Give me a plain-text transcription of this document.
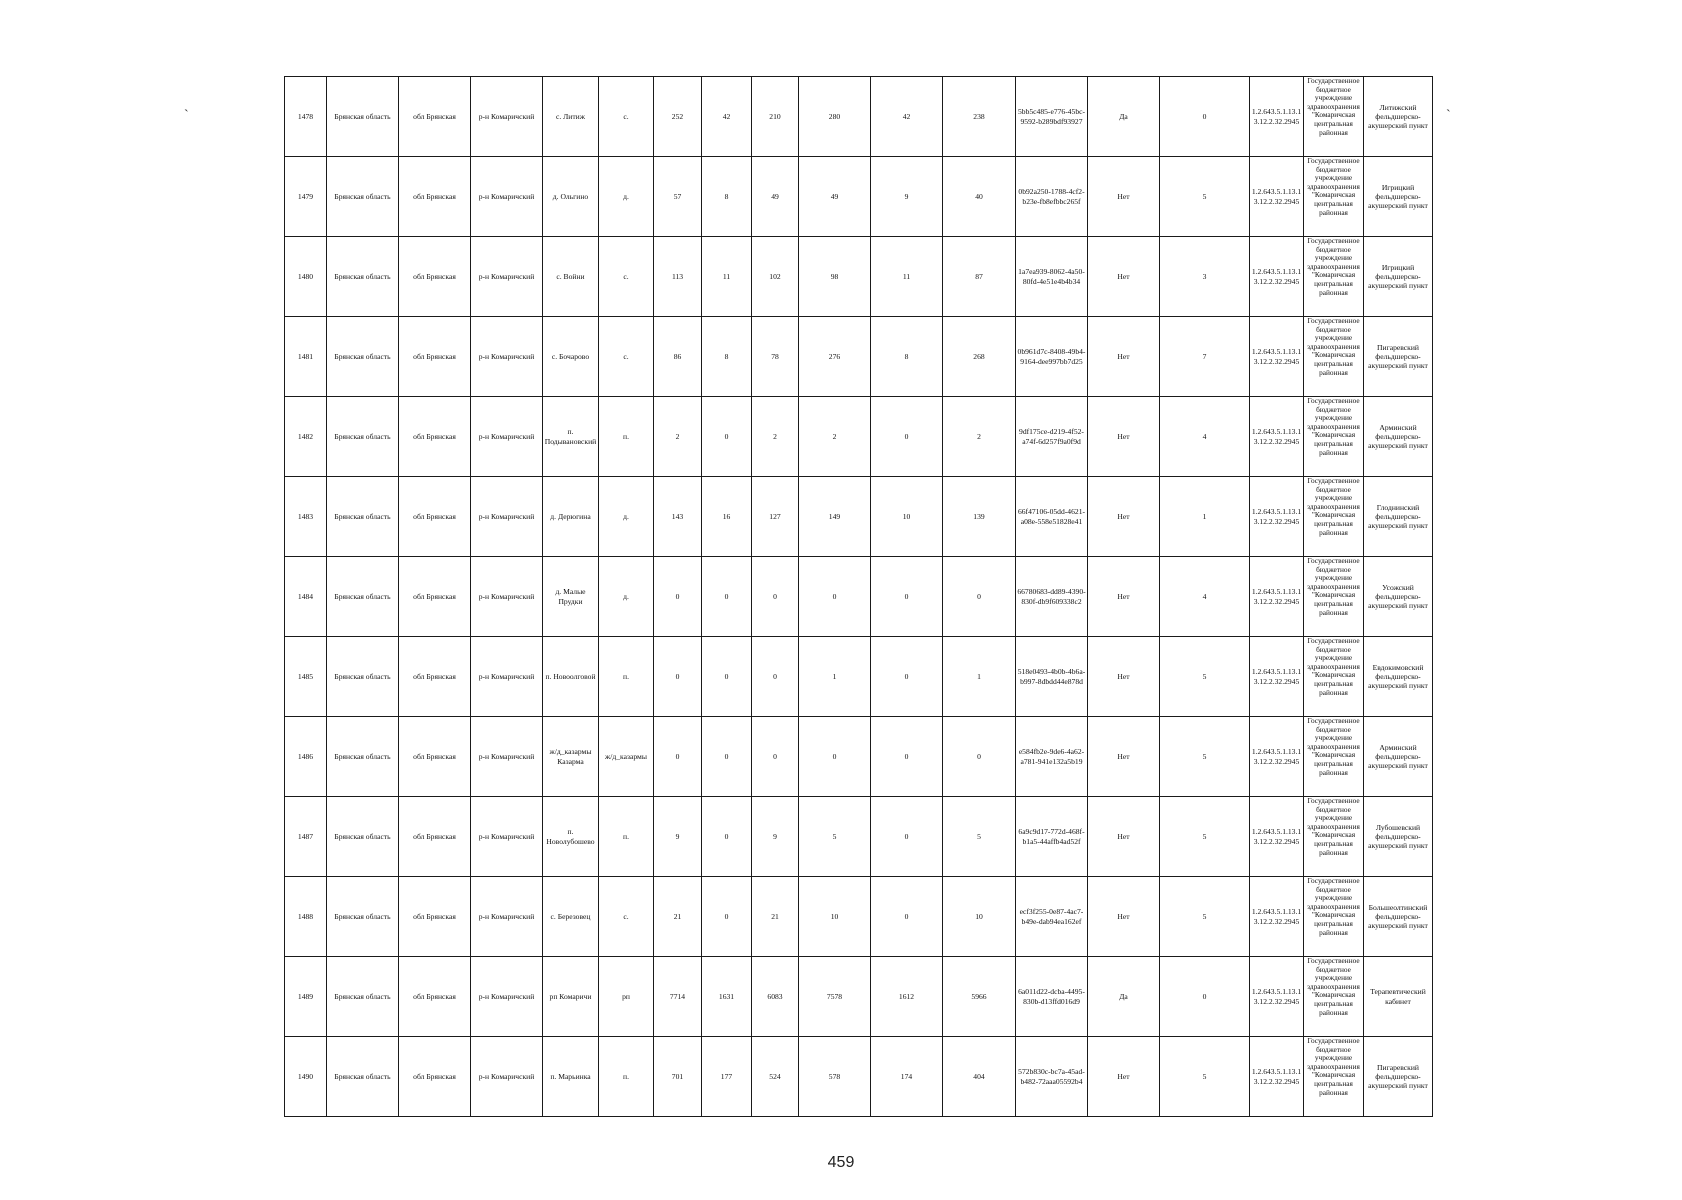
`	`
1478	Брянская область	обл Брянская	р-н Комаричский	с. Литиж	с.	252	42	210	280	42	238	5bb5c485-e776-45bc-9592-b289bdf93927	Да	0	1.2.643.5.1.13.13.12.2.32.2945	Государственное бюджетное учреждение здравоохранения "Комаричская центральная районная	Литижский фельдшерско-акушерский пункт
1479	Брянская область	обл Брянская	р-н Комаричский	д. Ольгино	д.	57	8	49	49	9	40	0b92a250-1788-4cf2-b23e-fb8efbbc265f	Нет	5	1.2.643.5.1.13.13.12.2.32.2945	Государственное бюджетное учреждение здравоохранения "Комаричская центральная районная	Игрицкий фельдшерско-акушерский пункт
1480	Брянская область	обл Брянская	р-н Комаричский	с. Войни	с.	113	11	102	98	11	87	1a7ea939-8062-4a50-80fd-4e51e4b4b34	Нет	3	1.2.643.5.1.13.13.12.2.32.2945	Государственное бюджетное учреждение здравоохранения "Комаричская центральная районная	Игрицкий фельдшерско-акушерский пункт
1481	Брянская область	обл Брянская	р-н Комаричский	с. Бочарово	с.	86	8	78	276	8	268	0b961d7c-8408-49b4-9164-dee997bb7d25	Нет	7	1.2.643.5.1.13.13.12.2.32.2945	Государственное бюджетное учреждение здравоохранения "Комаричская центральная районная	Пигаревский фельдшерско-акушерский пункт
1482	Брянская область	обл Брянская	р-н Комаричский	п. Подывановский	п.	2	0	2	2	0	2	9df175ce-d219-4f52-a74f-6d257f9a0f9d	Нет	4	1.2.643.5.1.13.13.12.2.32.2945	Государственное бюджетное учреждение здравоохранения "Комаричская центральная районная	Арминский фельдшерско-акушерский пункт
1483	Брянская область	обл Брянская	р-н Комаричский	д. Дерюгина	д.	143	16	127	149	10	139	66f47106-05dd-4621-a08e-558e51828e41	Нет	1	1.2.643.5.1.13.13.12.2.32.2945	Государственное бюджетное учреждение здравоохранения "Комаричская центральная районная	Глоднинский фельдшерско-акушерский пункт
1484	Брянская область	обл Брянская	р-н Комаричский	д. Малые Прудки	д.	0	0	0	0	0	0	66780683-dd89-4390-830f-db9f609338c2	Нет	4	1.2.643.5.1.13.13.12.2.32.2945	Государственное бюджетное учреждение здравоохранения "Комаричская центральная районная	Усожский фельдшерско-акушерский пункт
1485	Брянская область	обл Брянская	р-н Комаричский	п. Новоолговой	п.	0	0	0	1	0	1	518e0493-4b0b-4b6a-b997-8dbdd44e878d	Нет	5	1.2.643.5.1.13.13.12.2.32.2945	Государственное бюджетное учреждение здравоохранения "Комаричская центральная районная	Евдокимовский фельдшерско-акушерский пункт
1486	Брянская область	обл Брянская	р-н Комаричский	ж/д_казармы Казарма	ж/д_казармы	0	0	0	0	0	0	e584fb2e-9de6-4a62-a781-941e132a5b19	Нет	5	1.2.643.5.1.13.13.12.2.32.2945	Государственное бюджетное учреждение здравоохранения "Комаричская центральная районная	Арминский фельдшерско-акушерский пункт
1487	Брянская область	обл Брянская	р-н Комаричский	п. Новолубошево	п.	9	0	9	5	0	5	6a9c9d17-772d-468f-b1a5-44affb4ad52f	Нет	5	1.2.643.5.1.13.13.12.2.32.2945	Государственное бюджетное учреждение здравоохранения "Комаричская центральная районная	Лубошевский фельдшерско-акушерский пункт
1488	Брянская область	обл Брянская	р-н Комаричский	с. Березовец	с.	21	0	21	10	0	10	ecf3f255-0e87-4ac7-b49e-dab94ea162ef	Нет	5	1.2.643.5.1.13.13.12.2.32.2945	Государственное бюджетное учреждение здравоохранения "Комаричская центральная районная	Большеолтинский фельдшерско-акушерский пункт
1489	Брянская область	обл Брянская	р-н Комаричский	рп Комаричи	рп	7714	1631	6083	7578	1612	5966	6a011d22-dcba-4495-830b-d13ffd016d9	Да	0	1.2.643.5.1.13.13.12.2.32.2945	Государственное бюджетное учреждение здравоохранения "Комаричская центральная районная	Терапевтический кабинет
1490	Брянская область	обл Брянская	р-н Комаричский	п. Марьинка	п.	701	177	524	578	174	404	572b830c-bc7a-45ad-b482-72aaa05592b4	Нет	5	1.2.643.5.1.13.13.12.2.32.2945	Государственное бюджетное учреждение здравоохранения "Комаричская центральная районная	Пигаревский фельдшерско-акушерский пункт
459
